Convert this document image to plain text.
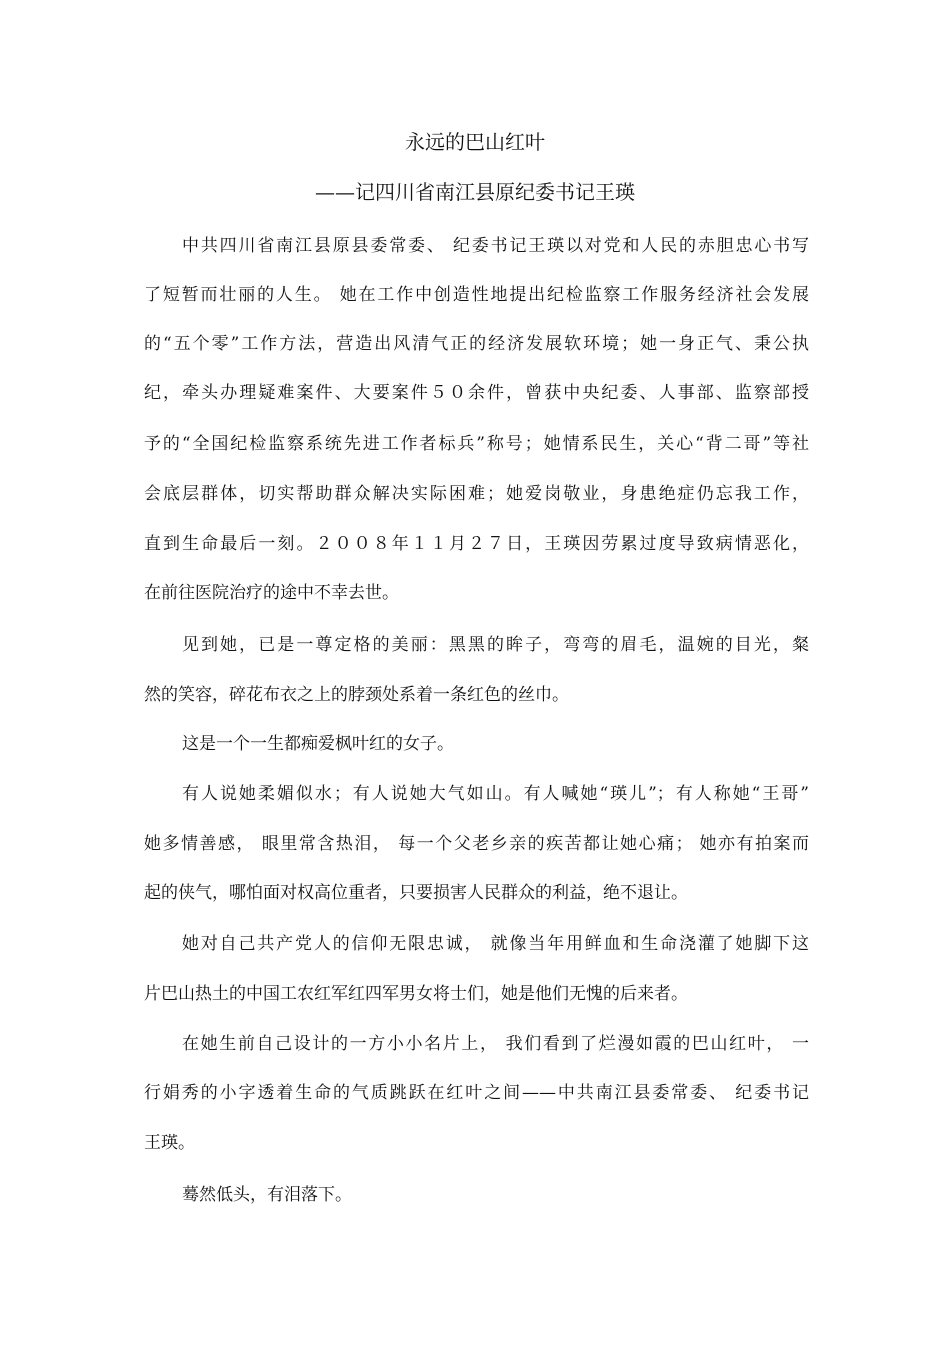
永远的巴山红叶
——记四川省南江县原纪委书记王瑛
中共四川省南江县原县委常委、 纪委书记王瑛以对党和人民的赤胆忠心书写
了短暂而壮丽的人生。 她在工作中创造性地提出纪检监察工作服务经济社会发展
的“五个零”工作方法，营造出风清气正的经济发展软环境；她一身正气、秉公执
纪，牵头办理疑难案件、大要案件５０余件，曾获中央纪委、人事部、监察部授
予的“全国纪检监察系统先进工作者标兵”称号；她情系民生，关心“背二哥”等社
会底层群体，切实帮助群众解决实际困难；她爱岗敬业，身患绝症仍忘我工作，
直到生命最后一刻。２００８年１１月２７日，王瑛因劳累过度导致病情恶化，
在前往医院治疗的途中不幸去世。
见到她，已是一尊定格的美丽：黑黑的眸子，弯弯的眉毛，温婉的目光，粲
然的笑容，碎花布衣之上的脖颈处系着一条红色的丝巾。
这是一个一生都痴爱枫叶红的女子。
有人说她柔媚似水；有人说她大气如山。有人喊她“瑛儿”；有人称她“王哥”
她多情善感， 眼里常含热泪， 每一个父老乡亲的疾苦都让她心痛； 她亦有拍案而
起的侠气，哪怕面对权高位重者，只要损害人民群众的利益，绝不退让。
她对自己共产党人的信仰无限忠诚， 就像当年用鲜血和生命浇灌了她脚下这
片巴山热土的中国工农红军红四军男女将士们，她是他们无愧的后来者。
在她生前自己设计的一方小小名片上， 我们看到了烂漫如霞的巴山红叶， 一
行娟秀的小字透着生命的气质跳跃在红叶之间——中共南江县委常委、 纪委书记
王瑛。
蓦然低头，有泪落下。
